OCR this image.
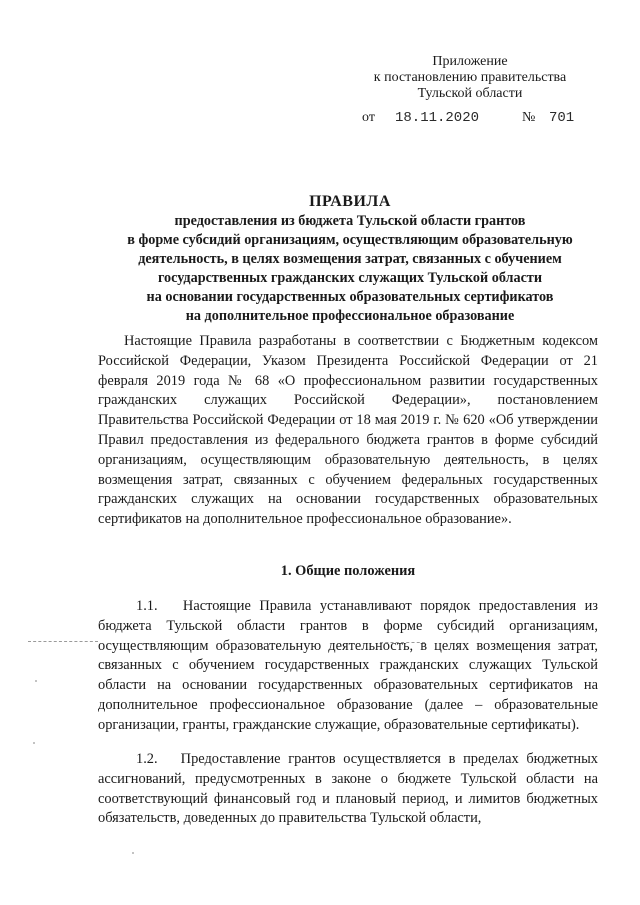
Приложение
к постановлению правительства
Тульской области
от 18.11.2020	№ 701
ПРАВИЛА
предоставления из бюджета Тульской области грантов
в форме субсидий организациям, осуществляющим образовательную
деятельность, в целях возмещения затрат, связанных с обучением
государственных гражданских служащих Тульской области
на основании государственных образовательных сертификатов
на дополнительное профессиональное образование
Настоящие Правила разработаны в соответствии с Бюджетным кодексом Российской Федерации, Указом Президента Российской Федерации от 21 февраля 2019 года № 68 «О профессиональном развитии государственных гражданских служащих Российской Федерации», постановлением Правительства Российской Федерации от 18 мая 2019 г. № 620 «Об утверждении Правил предоставления из федерального бюджета грантов в форме субсидий организациям, осуществляющим образовательную деятельность, в целях возмещения затрат, связанных с обучением федеральных государственных гражданских служащих на основании государственных образовательных сертификатов на дополнительное профессиональное образование».
1. Общие положения
1.1. Настоящие Правила устанавливают порядок предоставления из бюджета Тульской области грантов в форме субсидий организациям, осуществляющим образовательную деятельность, в целях возмещения затрат, связанных с обучением государственных гражданских служащих Тульской области на основании государственных образовательных сертификатов на дополнительное профессиональное образование (далее – образовательные организации, гранты, гражданские служащие, образовательные сертификаты).
1.2. Предоставление грантов осуществляется в пределах бюджетных ассигнований, предусмотренных в законе о бюджете Тульской области на соответствующий финансовый год и плановый период, и лимитов бюджетных обязательств, доведенных до правительства Тульской области,
